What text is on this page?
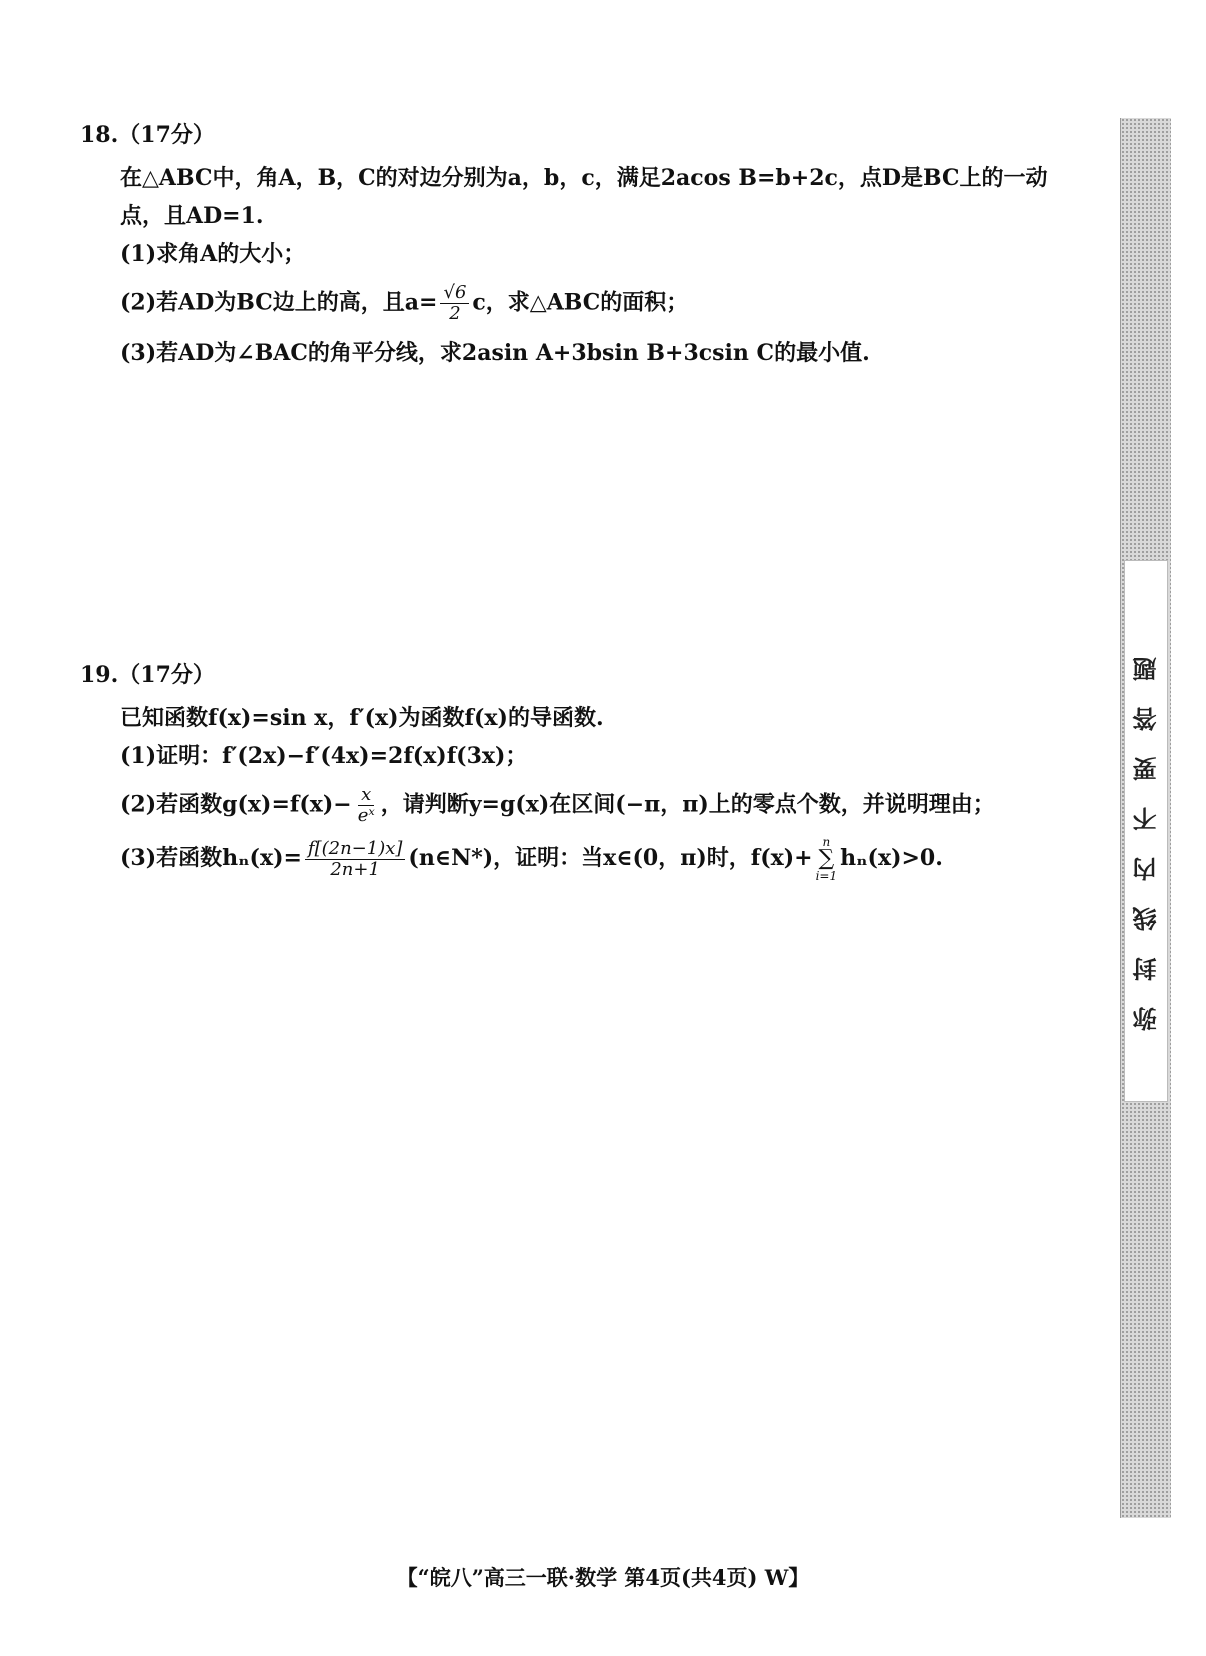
18.（17分）
在△ABC中，角A，B，C的对边分别为a，b，c，满足2acos B=b+2c，点D是BC上的一动点，且AD=1.
(1)求角A的大小；
(2)若AD为BC边上的高，且$a= \frac{√6}{2}$ c，求△ABC的面积；
(3)若AD为∠BAC的角平分线，求2asin A+3bsin B+3csin C的最小值.
19.（17分）
已知函数f(x)=sin x，f′(x)为函数f(x)的导函数.
(1)证明：f′(2x)−f′(4x)=2f(x)f(3x)；
(2)若函数$g(x)=f(x)- \frac{x}{\text{eˣ}}$ ，请判断y=g(x)在区间(−π，π)上的零点个数，并说明理由；
(3)若函数$h_n(x)= \frac{f[(2n-1)x]}{2n+1}$ (n∈N*)，证明：当x∈(0，π)时，f(x)+
n
∑
i=1
hₙ(x)>0.	弥封线内不要答题
【“皖八”高三一联·数学 第4页(共4页) W】
